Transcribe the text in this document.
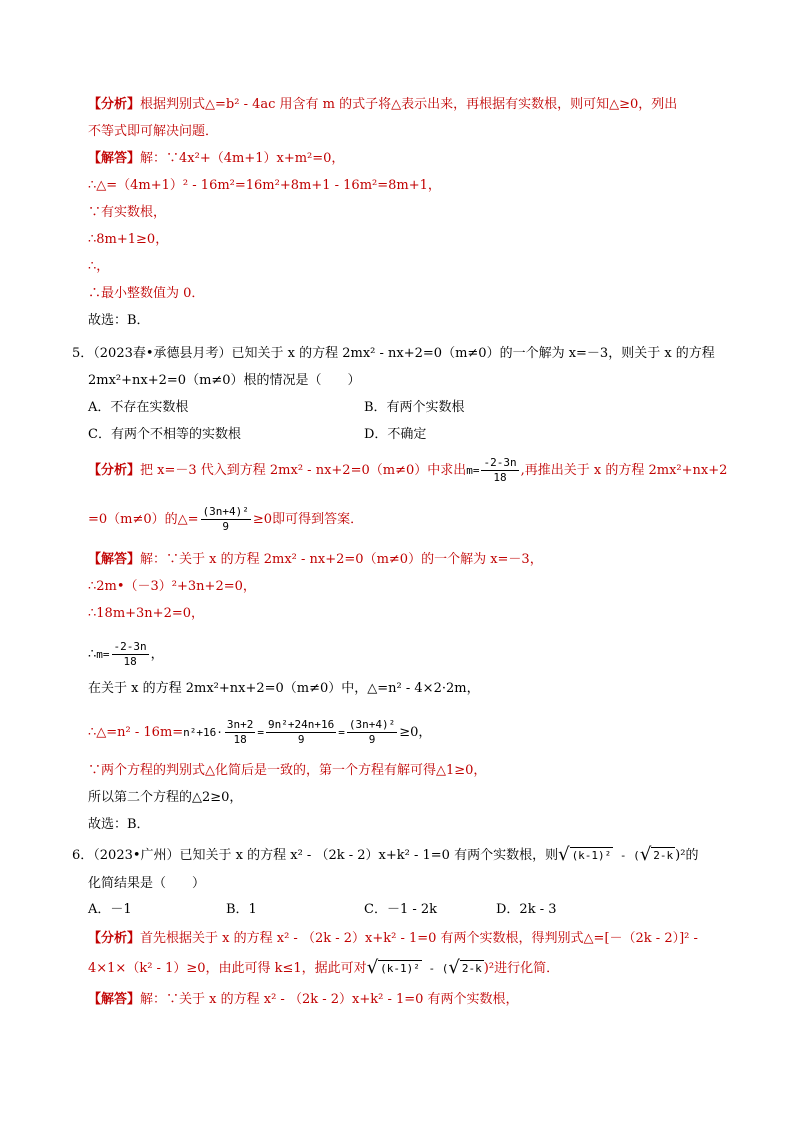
【分析】根据判别式△=b² - 4ac 用含有 m 的式子将△表示出来，再根据有实数根，则可知△≥0，列出
不等式即可解决问题．
【解答】解：∵4x²+（4m+1）x+m²=0，
∴△=（4m+1）² - 16m²=16m²+8m+1 - 16m²=8m+1，
∵有实数根，
∴8m+1≥0，
∴，
∴最小整数值为 0．
故选：B．
5．（2023春•承德县月考）已知关于 x 的方程 2mx² - nx+2=0（m≠0）的一个解为 x=－3，则关于 x 的方程
2mx²+nx+2=0（m≠0）根的情况是（　　）
A．不存在实数根	B．有两个实数根
C．有两个不相等的实数根	D．不确定
【分析】把 x=－3 代入到方程 2mx² - nx+2=0（m≠0）中求出$m= \frac{-2-3n}{18}$ ,再推出关于 x 的方程 2mx²+nx+2
=0（m≠0）的△= $\frac{\text{(3n+4)²}}{9} \ge 0$即可得到答案．
【解答】解：∵关于 x 的方程 2mx² - nx+2=0（m≠0）的一个解为 x=－3，
∴2m•（－3）²+3n+2=0，
∴18m+3n+2=0，
∴m= $\frac{-2-3n}{18}$ ，
在关于 x 的方程 2mx²+nx+2=0（m≠0）中，△=n² - 4×2·2m，
∴△=n² - $16m=n^2+16\cdot \frac{3n+2}{18} = \frac{\text{9n²+24n+16}}{9} = \frac{\text{(3n+4)²}}{9} \ge 0$，
∵两个方程的判别式△化简后是一致的，第一个方程有解可得△1≥0，
所以第二个方程的△2≥0，
故选：B．
6．（2023•广州）已知关于 x 的方程 x² - （2k - 2）x+k² - 1=0 有两个实数根，则√ (k-1)² - (√ 2-k )²的
化简结果是（　　）
A．－1	B．1	C．－1 - 2k	D．2k - 3
【分析】首先根据关于 x 的方程 x² - （2k - 2）x+k² - 1=0 有两个实数根，得判别式△=[－（2k - 2）]² -
4×1×（k² - 1）≥0，由此可得 k≤1，据此可对√ (k-1)² - (√ 2-k )²进行化简．
【解答】解：∵关于 x 的方程 x² - （2k - 2）x+k² - 1=0 有两个实数根，
